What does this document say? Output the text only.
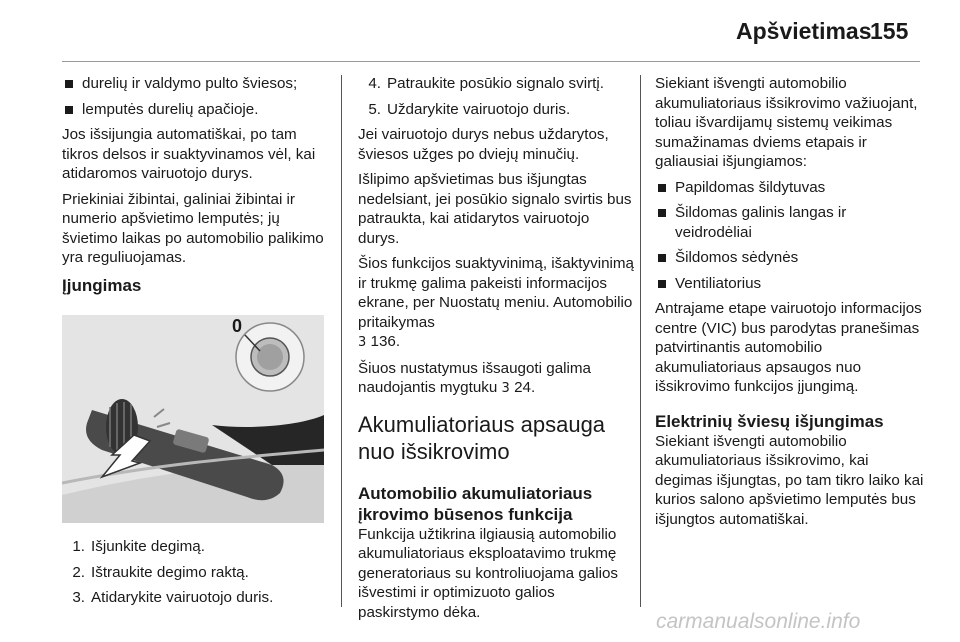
Apšvietimas
155
durelių ir valdymo pulto šviesos;
lemputės durelių apačioje.

Jos išsijungia automatiškai, po tam tikros delsos ir suaktyvinamos vėl, kai atidaromos vairuotojo durys.

Priekiniai žibintai, galiniai žibintai ir numerio apšvietimo lemputės; jų švietimo laikas po automobilio palikimo yra reguliuojamas.

Įjungimas
0
1. Išjunkite degimą.
2. Ištraukite degimo raktą.
3. Atidarykite vairuotojo duris.
4. Patraukite posūkio signalo svirtį.
5. Uždarykite vairuotojo duris.

Jei vairuotojo durys nebus uždarytos, šviesos užges po dviejų minučių.

Išlipimo apšvietimas bus išjungtas nedelsiant, jei posūkio signalo svirtis bus patraukta, kai atidarytos vairuotojo durys.

Šios funkcijos suaktyvinimą, išaktyvinimą ir trukmę galima pakeisti informacijos ekrane, per Nuostatų meniu. Automobilio pritaikymas
3 136.

Šiuos nustatymus išsaugoti galima naudojantis mygtuku 3 24.

Akumuliatoriaus apsauga nuo išsikrovimo
Automobilio akumuliatoriaus įkrovimo būsenos funkcija

Funkcija užtikrina ilgiausią automobilio akumuliatoriaus eksploatavimo trukmę generatoriaus su kontroliuojama galios išvestimi ir optimizuoto galios paskirstymo dėka.

Siekiant išvengti automobilio akumuliatoriaus išsikrovimo važiuojant, toliau išvardijamų sistemų veikimas sumažinamas dviems etapais ir galiausiai išjungiamos:

Papildomas šildytuvas
Šildomas galinis langas ir veidrodėliai
Šildomos sėdynės
Ventiliatorius

Antrajame etape vairuotojo informacijos centre (VIC) bus parodytas pranešimas patvirtinantis automobilio akumuliatoriaus apsaugos nuo išsikrovimo funkcijos įjungimą.

Elektrinių šviesų išjungimas

Siekiant išvengti automobilio akumuliatoriaus išsikrovimo, kai degimas išjungtas, po tam tikro laiko kai kurios salono apšvietimo lemputės bus išjungtos automatiškai.

carmanualsonline.info
